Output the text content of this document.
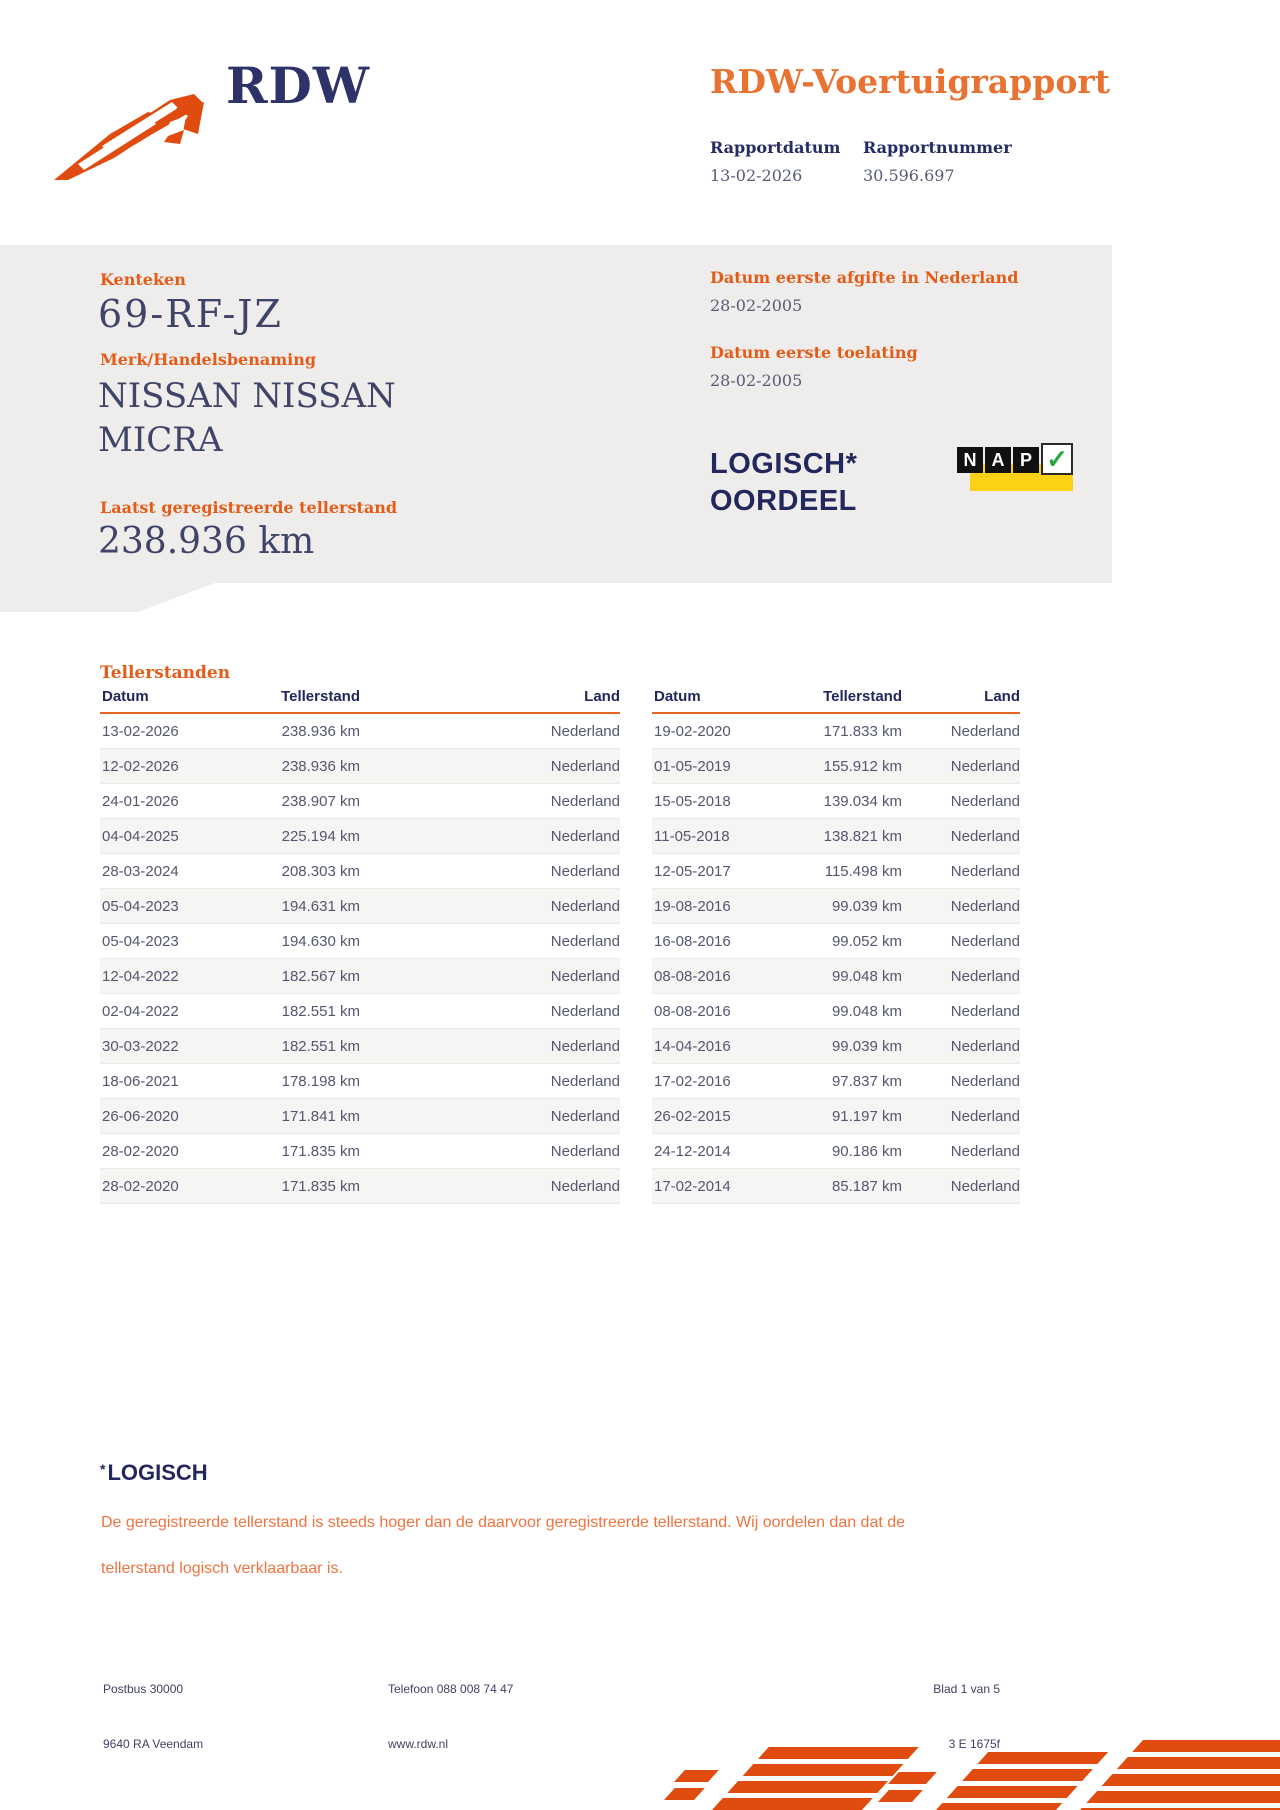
RDW	RDW-Voertuigrapport
Rapportdatum Rapportnummer
13-02-2026	30.596.697
Kenteken
69-RF-JZ
Merk/Handelsbenaming
NISSAN NISSAN MICRA
Laatst geregistreerde tellerstand
238.936 km
Datum eerste afgifte in Nederland
28-02-2005
Datum eerste toelating
28-02-2005
LOGISCH*
OORDEEL
N A P ✓
Tellerstanden
Datum	Tellerstand	Land
13-02-2026	238.936 km	Nederland
12-02-2026	238.936 km	Nederland
24-01-2026	238.907 km	Nederland
04-04-2025	225.194 km	Nederland
28-03-2024	208.303 km	Nederland
05-04-2023	194.631 km	Nederland
05-04-2023	194.630 km	Nederland
12-04-2022	182.567 km	Nederland
02-04-2022	182.551 km	Nederland
30-03-2022	182.551 km	Nederland
18-06-2021	178.198 km	Nederland
26-06-2020	171.841 km	Nederland
28-02-2020	171.835 km	Nederland
28-02-2020	171.835 km	Nederland
Datum	Tellerstand	Land
19-02-2020	171.833 km	Nederland
01-05-2019	155.912 km	Nederland
15-05-2018	139.034 km	Nederland
11-05-2018	138.821 km	Nederland
12-05-2017	115.498 km	Nederland
19-08-2016	99.039 km	Nederland
16-08-2016	99.052 km	Nederland
08-08-2016	99.048 km	Nederland
08-08-2016	99.048 km	Nederland
14-04-2016	99.039 km	Nederland
17-02-2016	97.837 km	Nederland
26-02-2015	91.197 km	Nederland
24-12-2014	90.186 km	Nederland
17-02-2014	85.187 km	Nederland
*LOGISCH
De geregistreerde tellerstand is steeds hoger dan de daarvoor geregistreerde tellerstand. Wij oordelen dan dat de
tellerstand logisch verklaarbaar is.
Postbus 30000
9640 RA Veendam
Telefoon 088 008 74 47
www.rdw.nl
Blad 1 van 5
3 E 1675f
